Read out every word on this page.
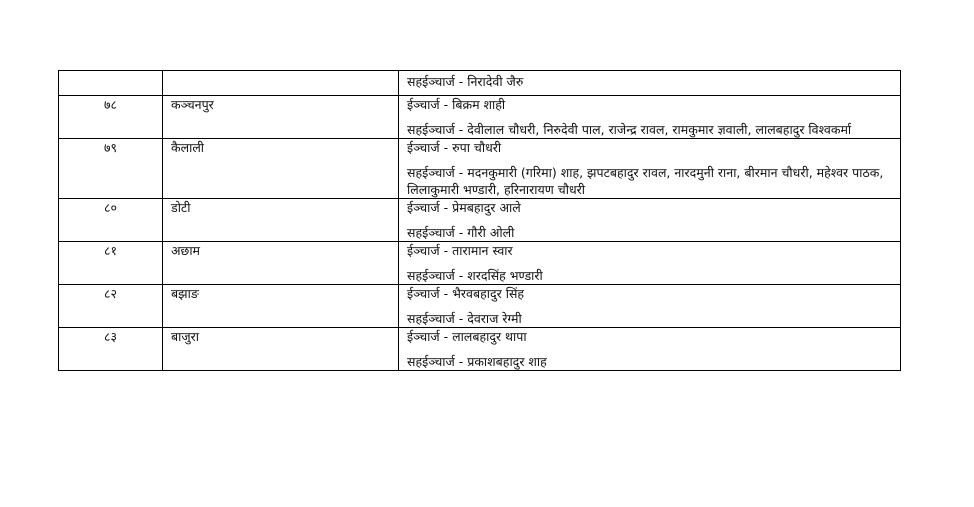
		सहईञ्चार्ज - निरादेवी जैरु

७८	कञ्चनपुर	ईञ्चार्ज - बिक्रम शाही
सहईञ्चार्ज - देवीलाल चौधरी, निरुदेवी पाल, राजेन्द्र रावल, रामकुमार ज्ञवाली, लालबहादुर विश्वकर्मा

७९	कैलाली	ईञ्चार्ज - रुपा चौधरी
सहईञ्चार्ज - मदनकुमारी (गरिमा) शाह, झपटबहादुर रावल, नारदमुनी राना, बीरमान चौधरी, महेश्वर पाठक, लिलाकुमारी भण्डारी, हरिनारायण चौधरी

८०	डोटी	ईञ्चार्ज - प्रेमबहादुर आले
सहईञ्चार्ज - गौरी ओली

८१	अछाम	ईञ्चार्ज - तारामान स्वार
सहईञ्चार्ज - शरदसिंह भण्डारी

८२	बझाङ	ईञ्चार्ज - भैरवबहादुर सिंह
सहईञ्चार्ज - देवराज रेग्मी

८३	बाजुरा	ईञ्चार्ज - लालबहादुर थापा
सहईञ्चार्ज - प्रकाशबहादुर शाह
